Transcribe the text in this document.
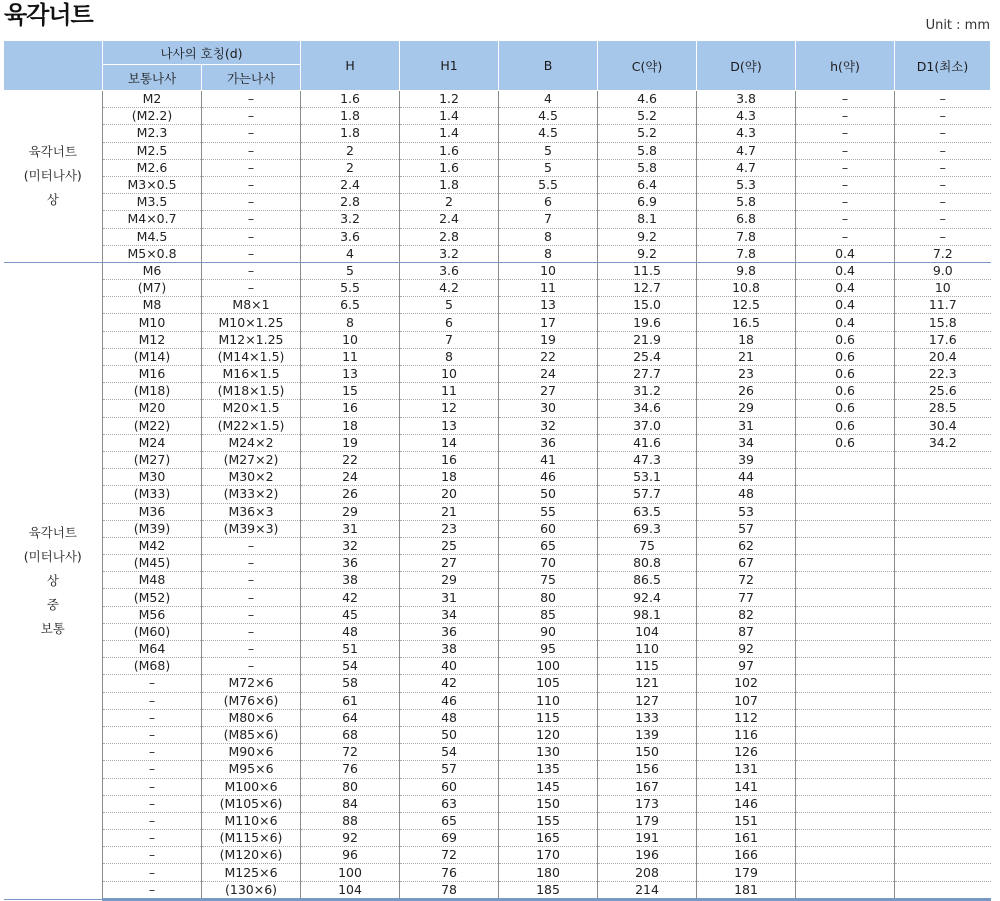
육각너트	Unit : mm
	나사의 호칭(d)		H	H1	B	C(약)	D(약)	h(약)	D1(최소)
	보통나사	가는나사							

육각너트
(미터나사)
상	M2	–	1.6	1.2	4	4.6	3.8	–	–
	(M2.2)	–	1.8	1.4	4.5	5.2	4.3	–	–
	M2.3	–	1.8	1.4	4.5	5.2	4.3	–	–
	M2.5	–	2	1.6	5	5.8	4.7	–	–
	M2.6	–	2	1.6	5	5.8	4.7	–	–
	M3×0.5	–	2.4	1.8	5.5	6.4	5.3	–	–
	M3.5	–	2.8	2	6	6.9	5.8	–	–
	M4×0.7	–	3.2	2.4	7	8.1	6.8	–	–
	M4.5	–	3.6	2.8	8	9.2	7.8	–	–
	M5×0.8	–	4	3.2	8	9.2	7.8	0.4	7.2

육각너트
(미터나사)
상
중
보통	M6	–	5	3.6	10	11.5	9.8	0.4	9.0
	(M7)	–	5.5	4.2	11	12.7	10.8	0.4	10
	M8	M8×1	6.5	5	13	15.0	12.5	0.4	11.7
	M10	M10×1.25	8	6	17	19.6	16.5	0.4	15.8
	M12	M12×1.25	10	7	19	21.9	18	0.6	17.6
	(M14)	(M14×1.5)	11	8	22	25.4	21	0.6	20.4
	M16	M16×1.5	13	10	24	27.7	23	0.6	22.3
	(M18)	(M18×1.5)	15	11	27	31.2	26	0.6	25.6
	M20	M20×1.5	16	12	30	34.6	29	0.6	28.5
	(M22)	(M22×1.5)	18	13	32	37.0	31	0.6	30.4
	M24	M24×2	19	14	36	41.6	34	0.6	34.2
	(M27)	(M27×2)	22	16	41	47.3	39		
	M30	M30×2	24	18	46	53.1	44		
	(M33)	(M33×2)	26	20	50	57.7	48		
	M36	M36×3	29	21	55	63.5	53		
	(M39)	(M39×3)	31	23	60	69.3	57		
	M42	–	32	25	65	75	62		
	(M45)	–	36	27	70	80.8	67		
	M48	–	38	29	75	86.5	72		
	(M52)	–	42	31	80	92.4	77		
	M56	–	45	34	85	98.1	82		
	(M60)	–	48	36	90	104	87		
	M64	–	51	38	95	110	92		
	(M68)	–	54	40	100	115	97		
	–	M72×6	58	42	105	121	102		
	–	(M76×6)	61	46	110	127	107		
	–	M80×6	64	48	115	133	112		
	–	(M85×6)	68	50	120	139	116		
	–	M90×6	72	54	130	150	126		
	–	M95×6	76	57	135	156	131		
	–	M100×6	80	60	145	167	141		
	–	(M105×6)	84	63	150	173	146		
	–	M110×6	88	65	155	179	151		
	–	(M115×6)	92	69	165	191	161		
	–	(M120×6)	96	72	170	196	166		
	–	M125×6	100	76	180	208	179		
	–	(130×6)	104	78	185	214	181		
